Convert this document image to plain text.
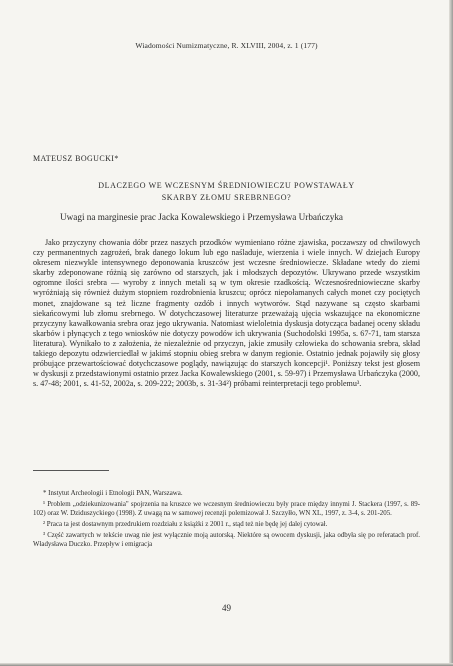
Wiadomości Numizmatyczne, R. XLVIII, 2004, z. 1 (177)
MATEUSZ BOGUCKI*
DLACZEGO WE WCZESNYM ŚREDNIOWIECZU POWSTAWAŁY
SKARBY ZŁOMU SREBRNEGO?
Uwagi na marginesie prac Jacka Kowalewskiego i Przemysława Urbańczyka

Jako przyczyny chowania dóbr przez naszych przodków wymieniano różne zjawiska, poczawszy od chwilowych czy permanentnych zagrożeń, brak danego lokum lub ego naśladuje, wierzenia i wiele innych. W dziejach Europy okresem niezwykle intensywnego deponowania kruszców jest wczesne średniowiecze. Składane wtedy do ziemi skarby zdeponowane różnią się zarówno od starszych, jak i młodszych depozytów. Ukrywano przede wszystkim ogromne ilości srebra — wyroby z innych metali są w tym okresie rzadkością. Wczesnośredniowieczne skarby wyróżniają się również dużym stopniem rozdrobnienia kruszcu; oprócz niepołamanych całych monet czy pociętych monet, znajdowane są też liczne fragmenty ozdób i innych wytworów. Stąd nazywane są często skarbami siekańcowymi lub złomu srebrnego. W dotychczasowej literaturze przeważają ujęcia wskazujące na ekonomiczne przyczyny kawałkowania srebra oraz jego ukrywania. Natomiast wieloletnia dyskusja dotycząca badanej oceny składu skarbów i płynących z tego wniosków nie dotyczy powodów ich ukrywania (Suchodolski 1995a, s. 67-71, tam starsza literatura). Wynikało to z założenia, że niezależnie od przyczyn, jakie zmusiły człowieka do schowania srebra, skład takiego depozytu odzwierciedlał w jakimś stopniu obieg srebra w danym regionie. Ostatnio jednak pojawiły się głosy próbujące przewartościować dotychczasowe poglądy, nawiązując do starszych koncepcji¹. Poniższy tekst jest głosem w dyskusji z przedstawionymi ostatnio przez Jacka Kowalewskiego (2001, s. 59-97) i Przemysława Urbańczyka (2000, s. 47-48; 2001, s. 41-52, 2002a, s. 209-222; 2003b, s. 31-34²) próbami reinterpretacji tego problemu³.

* Instytut Archeologii i Etnologii PAN, Warszawa.

¹ Problem „odziekunizowania" spojrzenia na kruszce we wczesnym średniowieczu były prace między innymi J. Stackera (1997, s. 89-102) oraz W. Dziduszyckiego (1998). Z uwagą na w samowej recenzji polemizował J. Szczyłło, WN XL, 1997, z. 3-4, s. 201-205.

² Praca ta jest dostawnym przedrukiem rozdziału z książki z 2001 r., stąd też nie będę jej dalej cytował.

³ Część zawartych w tekście uwag nie jest wyłącznie moją autorską. Niektóre są owocem dyskusji, jaka odbyła się po referatach prof. Władysława Duczko. Przepływ i emigracja

49
